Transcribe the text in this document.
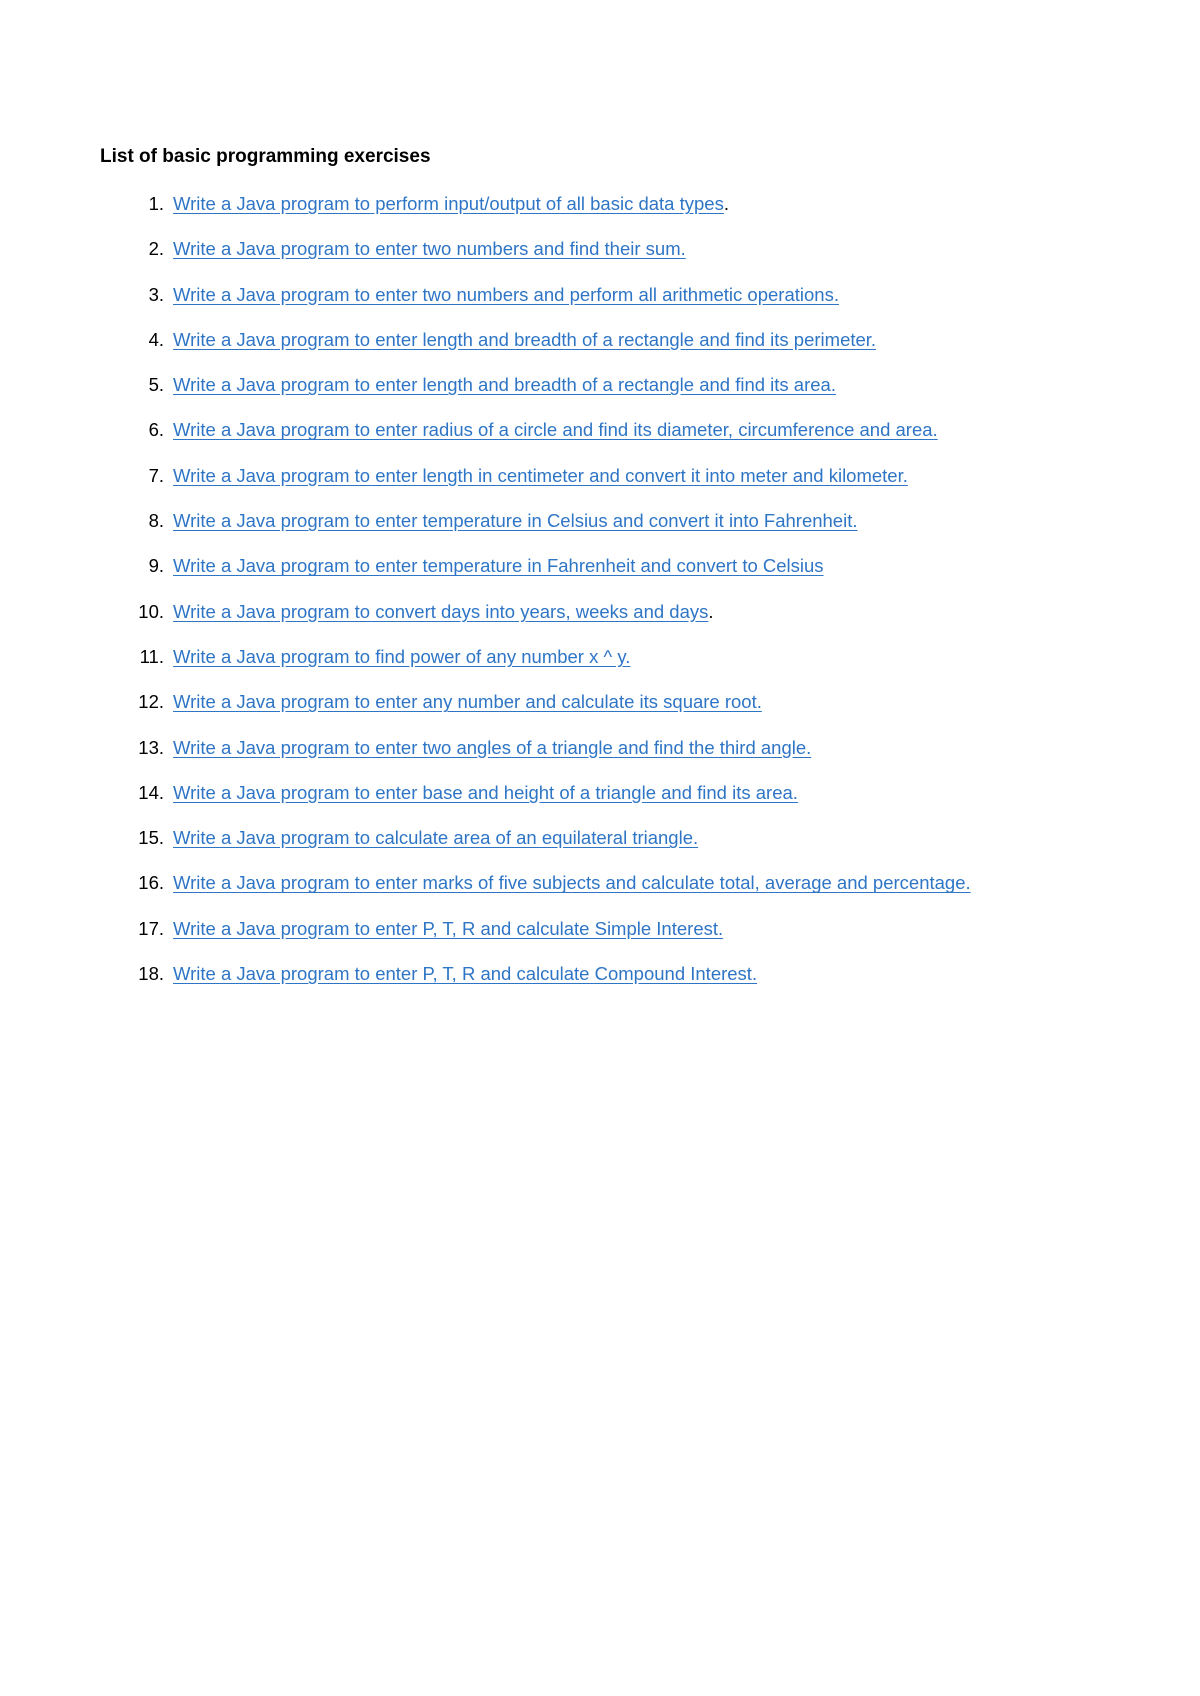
List of basic programming exercises
1. Write a Java program to perform input/output of all basic data types.
2. Write a Java program to enter two numbers and find their sum.
3. Write a Java program to enter two numbers and perform all arithmetic operations.
4. Write a Java program to enter length and breadth of a rectangle and find its perimeter.
5. Write a Java program to enter length and breadth of a rectangle and find its area.
6. Write a Java program to enter radius of a circle and find its diameter, circumference and area.
7. Write a Java program to enter length in centimeter and convert it into meter and kilometer.
8. Write a Java program to enter temperature in Celsius and convert it into Fahrenheit.
9. Write a Java program to enter temperature in Fahrenheit and convert to Celsius
10. Write a Java program to convert days into years, weeks and days.
11. Write a Java program to find power of any number x ^ y.
12. Write a Java program to enter any number and calculate its square root.
13. Write a Java program to enter two angles of a triangle and find the third angle.
14. Write a Java program to enter base and height of a triangle and find its area.
15. Write a Java program to calculate area of an equilateral triangle.
16. Write a Java program to enter marks of five subjects and calculate total, average and percentage.
17. Write a Java program to enter P, T, R and calculate Simple Interest.
18. Write a Java program to enter P, T, R and calculate Compound Interest.
